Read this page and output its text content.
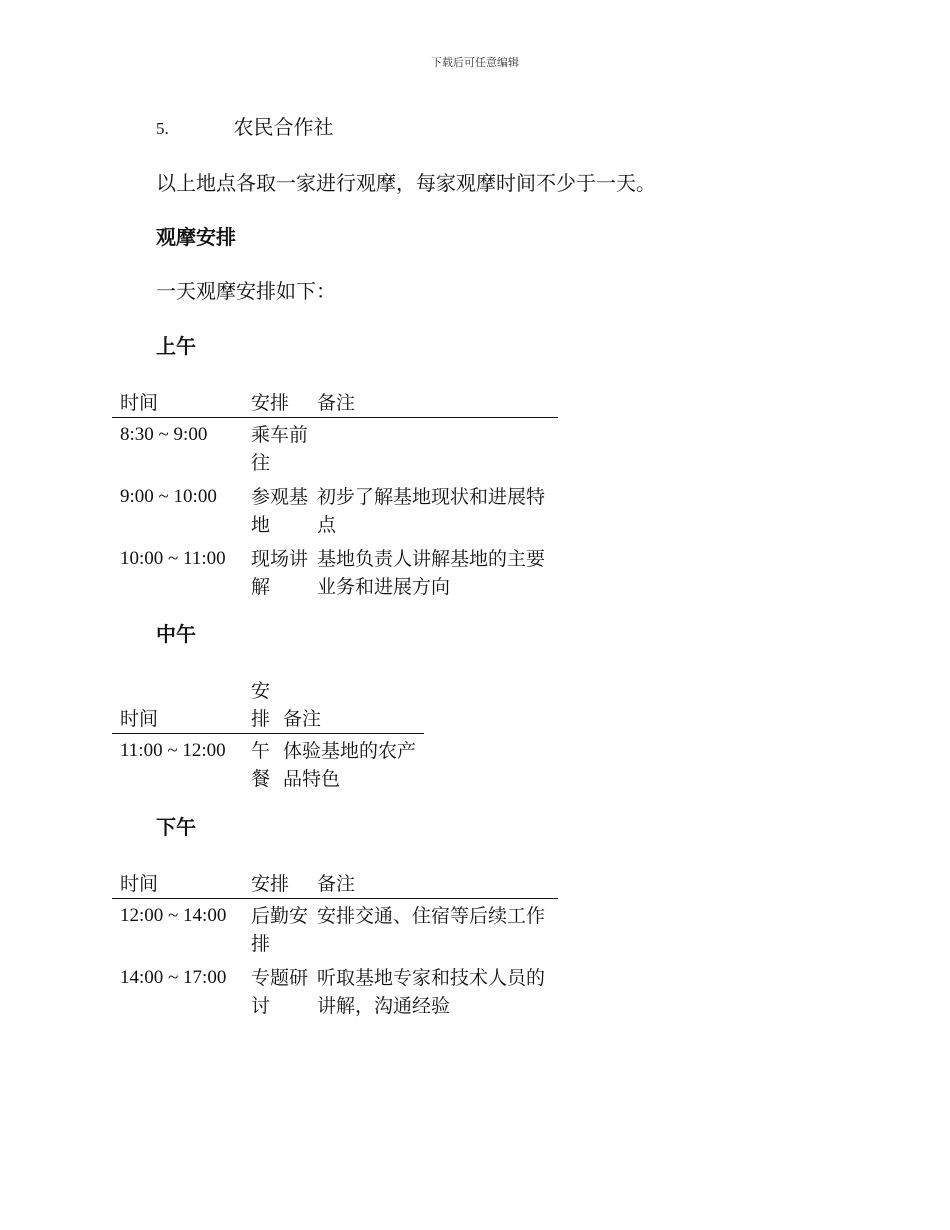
下载后可任意编辑
5.	农民合作社

以上地点各取一家进行观摩，每家观摩时间不少于一天。

观摩安排

一天观摩安排如下：

上午

时间	安排	备注
8:30 ~ 9:00	乘车前往	
9:00 ~ 10:00	参观基地	初步了解基地现状和进展特点
10:00 ~ 11:00	现场讲解	基地负责人讲解基地的主要业务和进展方向

中午

时间	安排	备注
11:00 ~ 12:00	午餐	体验基地的农产品特色

下午

时间	安排	备注
12:00 ~ 14:00	后勤安排	安排交通、住宿等后续工作
14:00 ~ 17:00	专题研讨	听取基地专家和技术人员的讲解，沟通经验
